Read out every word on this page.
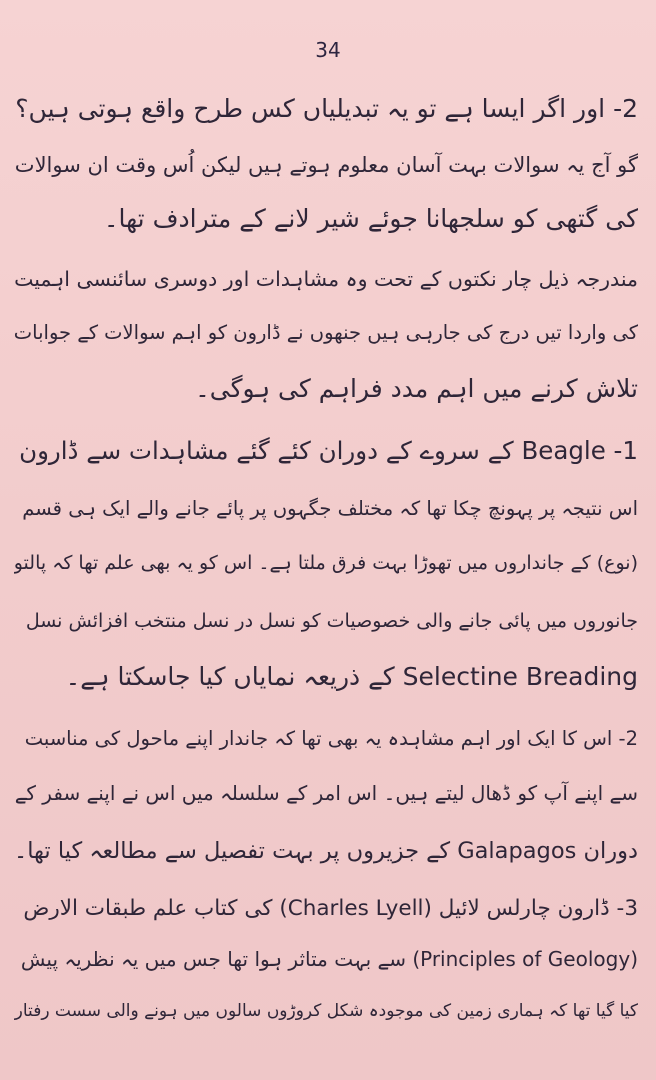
34
2- اور اگر ایسا ہے تو یہ تبدیلیاں کس طرح واقع ہوتی ہیں؟
گو آج یہ سوالات بہت آسان معلوم ہوتے ہیں لیکن اُس وقت ان سوالات
کی گتھی کو سلجھانا جوئے شیر لانے کے مترادف تھا۔
مندرجہ ذیل چار نکتوں کے تحت وہ مشاہدات اور دوسری سائنسی اہمیت
کی واردا تیں درج کی جارہی ہیں جنھوں نے ڈارون کو اہم سوالات کے جوابات
تلاش کرنے میں اہم مدد فراہم کی ہوگی۔
1- Beagle کے سروے کے دوران کئے گئے مشاہدات سے ڈارون
اس نتیجہ پر پہونچ چکا تھا کہ مختلف جگہوں پر پائے جانے والے ایک ہی قسم
(نوع) کے جانداروں میں تھوڑا بہت فرق ملتا ہے۔ اس کو یہ بھی علم تھا کہ پالتو
جانوروں میں پائی جانے والی خصوصیات کو نسل در نسل منتخب افزائش نسل
Selectine Breading کے ذریعہ نمایاں کیا جاسکتا ہے۔
2- اس کا ایک اور اہم مشاہدہ یہ بھی تھا کہ جاندار اپنے ماحول کی مناسبت
سے اپنے آپ کو ڈھال لیتے ہیں۔ اس امر کے سلسلہ میں اس نے اپنے سفر کے
دوران Galapagos کے جزیروں پر بہت تفصیل سے مطالعہ کیا تھا۔
3- ڈارون چارلس لائیل (Charles Lyell) کی کتاب علم طبقات الارض
(Principles of Geology) سے بہت متاثر ہوا تھا جس میں یہ نظریہ پیش
کیا گیا تھا کہ ہماری زمین کی موجودہ شکل کروڑوں سالوں میں ہونے والی سست رفتار
